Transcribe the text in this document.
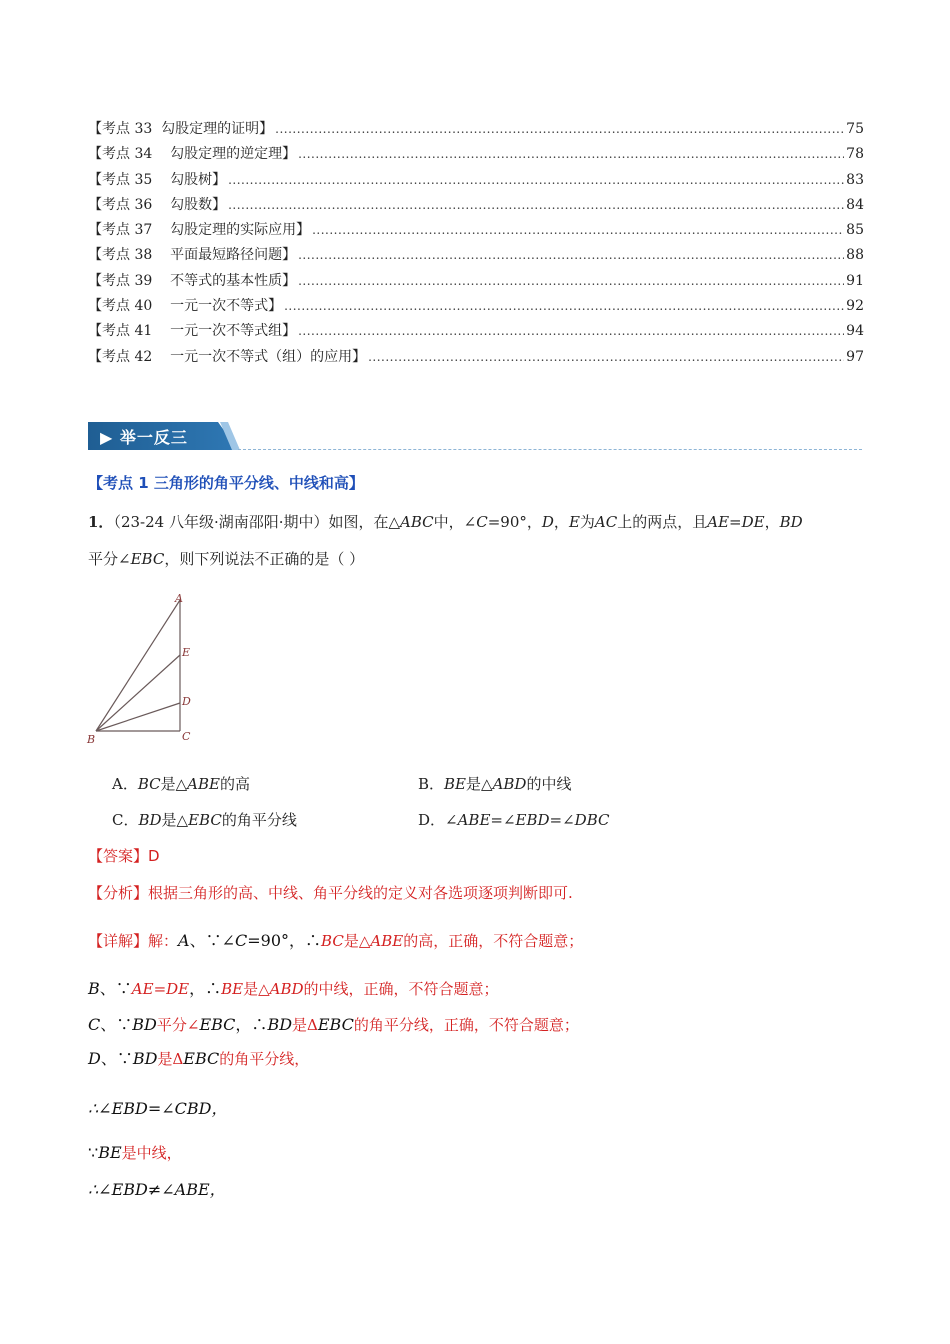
【考点 33  勾股定理的证明】 .....	75
【考点 34    勾股定理的逆定理】 .....	78
【考点 35    勾股树】 .....	83
【考点 36    勾股数】 .....	84
【考点 37    勾股定理的实际应用】 .....	85
【考点 38    平面最短路径问题】 .....	88
【考点 39    不等式的基本性质】 .....	91
【考点 40    一元一次不等式】 .....	92
【考点 41    一元一次不等式组】 .....	94
【考点 42    一元一次不等式（组）的应用】 .....	97
▶ 举一反三
【考点 1 三角形的角平分线、中线和高】
1．（23-24 八年级·湖南邵阳·期中）如图，在△ABC中，∠C=90°，D，E为AC上的两点，且AE=DE，BD
平分∠EBC，则下列说法不正确的是（ ）
A
E
D
B	C
A．BC是△ABE的高	B．BE是△ABD的中线
C．BD是△EBC的角平分线	D．∠ABE=∠EBD=∠DBC
【答案】D
【分析】根据三角形的高、中线、角平分线的定义对各选项逐项判断即可.
【详解】解：A、∵∠C=90°，∴BC是△ABE的高，正确，不符合题意；
B、∵AE=DE，∴BE是△ABD的中线，正确，不符合题意；
C、∵BD平分∠EBC，∴BD是ΔEBC的角平分线，正确，不符合题意；
D、∵BD是ΔEBC的角平分线，
∴∠EBD=∠CBD，
∵BE是中线，
∴∠EBD≠∠ABE，
